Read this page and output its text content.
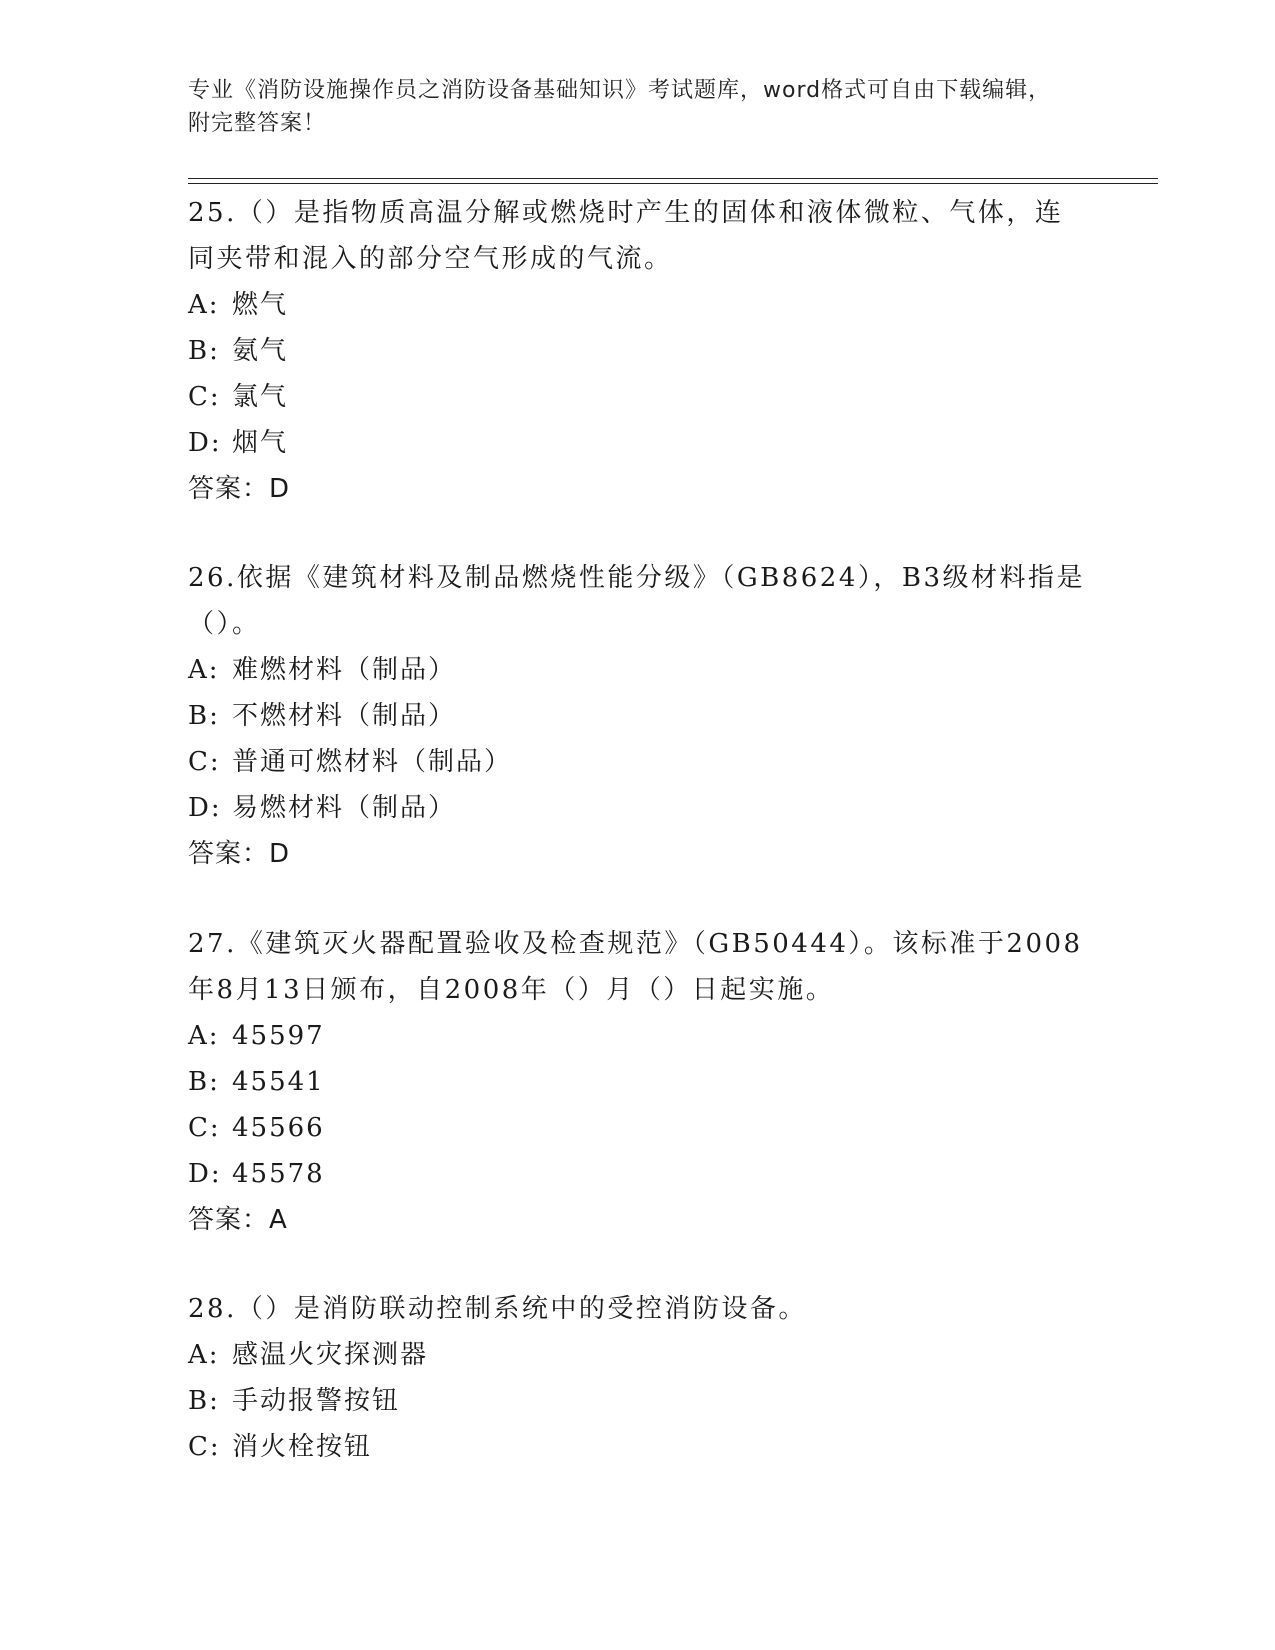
专业《消防设施操作员之消防设备基础知识》考试题库，word格式可自由下载编辑，附完整答案！

25.（）是指物质高温分解或燃烧时产生的固体和液体微粒、气体，连同夹带和混入的部分空气形成的气流。

A: 燃气

B: 氨气

C: 氯气

D: 烟气

答案：D

26.依据《建筑材料及制品燃烧性能分级》（GB8624），B3级材料指是（）。

A: 难燃材料（制品）

B: 不燃材料（制品）

C: 普通可燃材料（制品）

D: 易燃材料（制品）

答案：D

27.《建筑灭火器配置验收及检查规范》（GB50444）。该标准于2008年8月13日颁布，自2008年（）月（）日起实施。

A: 45597

B: 45541

C: 45566

D: 45578

答案：A

28.（）是消防联动控制系统中的受控消防设备。

A: 感温火灾探测器

B: 手动报警按钮

C: 消火栓按钮
